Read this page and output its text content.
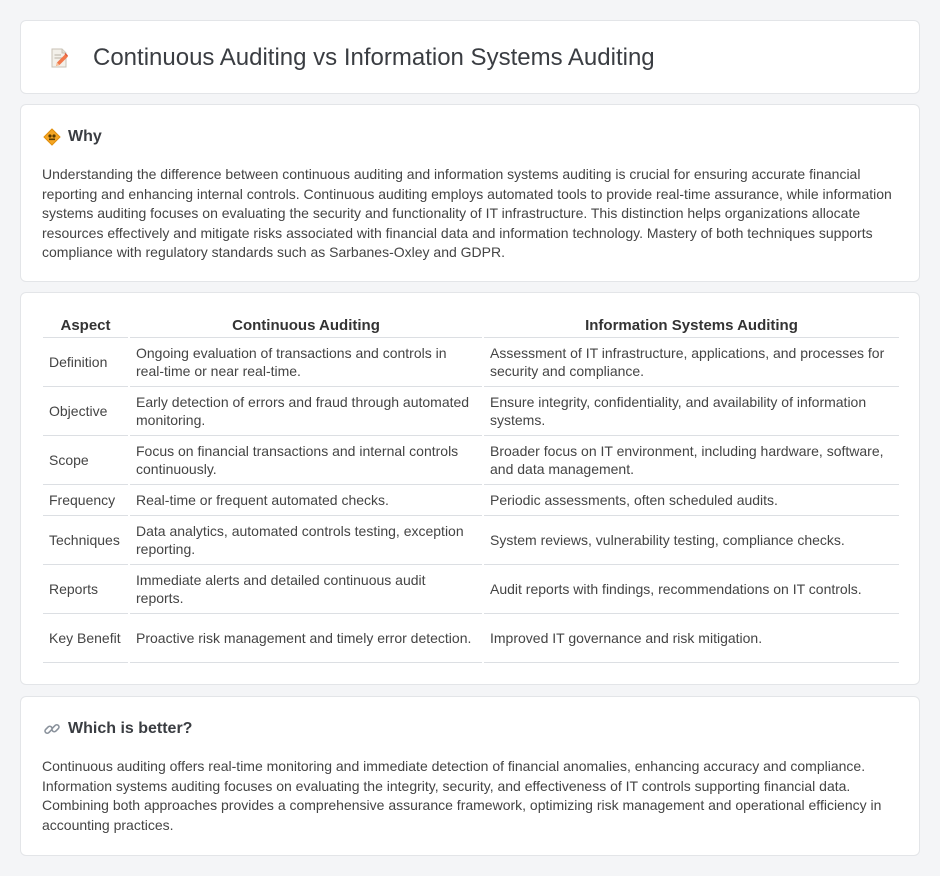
Continuous Auditing vs Information Systems Auditing
Why

Understanding the difference between continuous auditing and information systems auditing is crucial for ensuring accurate financial reporting and enhancing internal controls. Continuous auditing employs automated tools to provide real-time assurance, while information systems auditing focuses on evaluating the security and functionality of IT infrastructure. This distinction helps organizations allocate resources effectively and mitigate risks associated with financial data and information technology. Mastery of both techniques supports compliance with regulatory standards such as Sarbanes-Oxley and GDPR.

Aspect	Continuous Auditing	Information Systems Auditing
Definition	Ongoing evaluation of transactions and controls in real-time or near real-time.	Assessment of IT infrastructure, applications, and processes for security and compliance.
Objective	Early detection of errors and fraud through automated monitoring.	Ensure integrity, confidentiality, and availability of information systems.
Scope	Focus on financial transactions and internal controls continuously.	Broader focus on IT environment, including hardware, software, and data management.
Frequency	Real-time or frequent automated checks.	Periodic assessments, often scheduled audits.
Techniques	Data analytics, automated controls testing, exception reporting.	System reviews, vulnerability testing, compliance checks.
Reports	Immediate alerts and detailed continuous audit reports.	Audit reports with findings, recommendations on IT controls.
Key Benefit	Proactive risk management and timely error detection.	Improved IT governance and risk mitigation.
Which is better?

Continuous auditing offers real-time monitoring and immediate detection of financial anomalies, enhancing accuracy and compliance. Information systems auditing focuses on evaluating the integrity, security, and effectiveness of IT controls supporting financial data. Combining both approaches provides a comprehensive assurance framework, optimizing risk management and operational efficiency in accounting practices.
